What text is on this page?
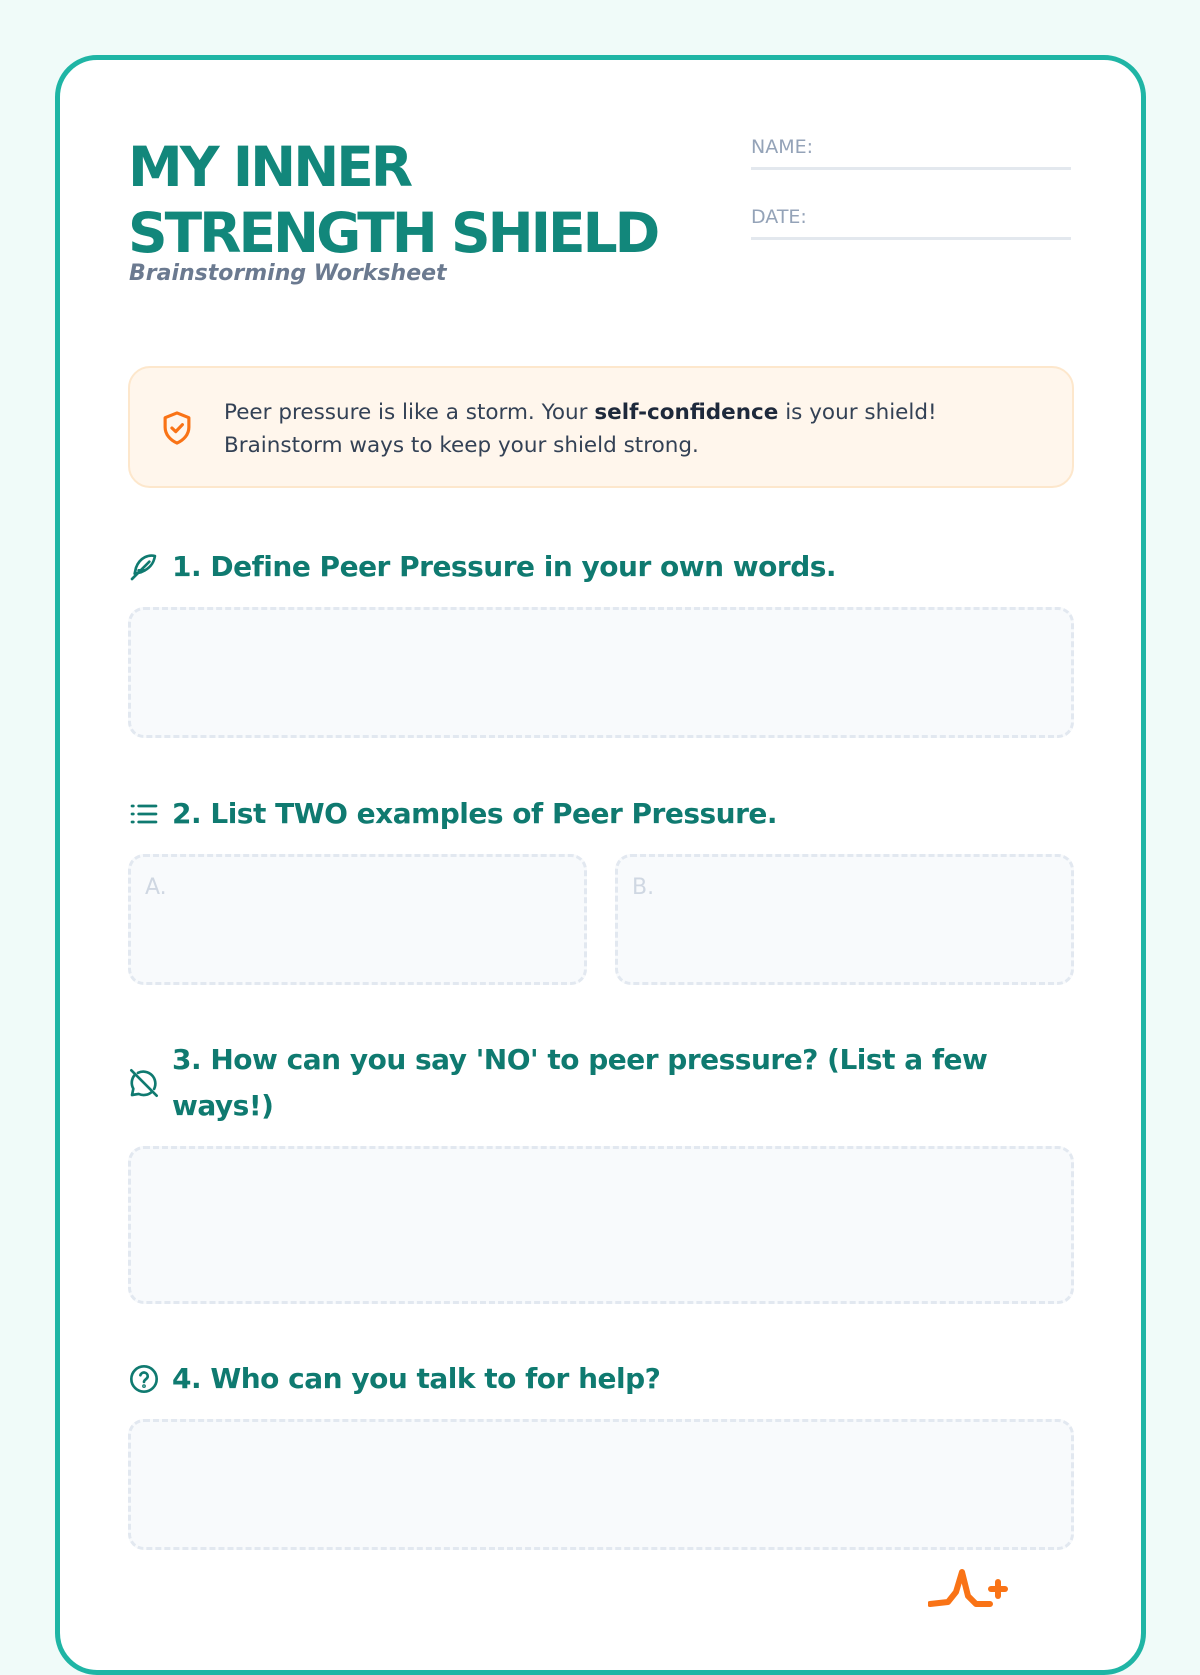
MY INNER
STRENGTH SHIELD
Brainstorming Worksheet
NAME:
DATE:
Peer pressure is like a storm. Your self-confidence is your shield!
Brainstorm ways to keep your shield strong.
1. Define Peer Pressure in your own words.
2. List TWO examples of Peer Pressure.
A.	B.
3. How can you say 'NO' to peer pressure? (List a few ways!)
4. Who can you talk to for help?
